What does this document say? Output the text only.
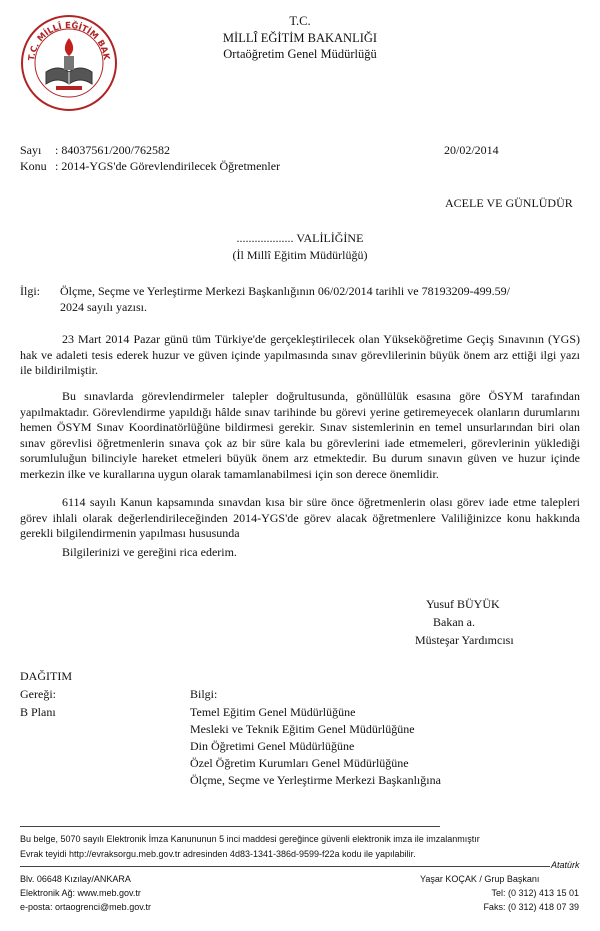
T.C. MİLLÎ EĞİTİM BAK
T.C.
MİLLÎ EĞİTİM BAKANLIĞI
Ortaöğretim Genel Müdürlüğü
Sayı : 84037561/200/762582	20/02/2014
Konu : 2014-YGS'de Görevlendirilecek Öğretmenler
ACELE VE GÜNLÜDÜR
................... VALİLİĞİNE
(İl Millî Eğitim Müdürlüğü)
İlgi: Ölçme, Seçme ve Yerleştirme Merkezi Başkanlığının 06/02/2014 tarihli ve 78193209-499.59/
2024 sayılı yazısı.
23 Mart 2014 Pazar günü tüm Türkiye'de gerçekleştirilecek olan Yükseköğretime Geçiş Sınavının (YGS) hak ve adaleti tesis ederek huzur ve güven içinde yapılmasında sınav görevlilerinin büyük önem arz ettiği ilgi yazı ile bildirilmiştir.
Bu sınavlarda görevlendirmeler talepler doğrultusunda, gönüllülük esasına göre ÖSYM tarafından yapılmaktadır. Görevlendirme yapıldığı hâlde sınav tarihinde bu görevi yerine getiremeyecek olanların durumlarını hemen ÖSYM Sınav Koordinatörlüğüne bildirmesi gerekir. Sınav sistemlerinin en temel unsurlarından biri olan sınav görevlisi öğretmenlerin sınava çok az bir süre kala bu görevlerini iade etmemeleri, görevlerinin yüklediği sorumluluğun bilinciyle hareket etmeleri büyük önem arz etmektedir. Bu durum sınavın güven ve huzur içinde merkezin ilke ve kurallarına uygun olarak tamamlanabilmesi için son derece önemlidir.
6114 sayılı Kanun kapsamında sınavdan kısa bir süre önce öğretmenlerin olası görev iade etme talepleri görev ihlali olarak değerlendirileceğinden 2014-YGS'de görev alacak öğretmenlere Valiliğinizce konu hakkında gerekli bilgilendirmenin yapılması hususunda
Bilgilerinizi ve gereğini rica ederim.
Yusuf BÜYÜK
Bakan a.
Müsteşar Yardımcısı
DAĞITIM
Gereği:
B Planı
Bilgi:
Temel Eğitim Genel Müdürlüğüne
Mesleki ve Teknik Eğitim Genel Müdürlüğüne
Din Öğretimi Genel Müdürlüğüne
Özel Öğretim Kurumları Genel Müdürlüğüne
Ölçme, Seçme ve Yerleştirme Merkezi Başkanlığına
Bu belge, 5070 sayılı Elektronik İmza Kanununun 5 inci maddesi gereğince güvenli elektronik imza ile imzalanmıştır
Evrak teyidi http://evraksorgu.meb.gov.tr adresinden 4d83-1341-386d-9599-f22a kodu ile yapılabilir.
Atatürk
Blv. 06648 Kızılay/ANKARA
Elektronik Ağ: www.meb.gov.tr
e-posta: ortaogrenci@meb.gov.tr
Yaşar KOÇAK / Grup Başkanı
Tel: (0 312) 413 15 01
Faks: (0 312) 418 07 39
